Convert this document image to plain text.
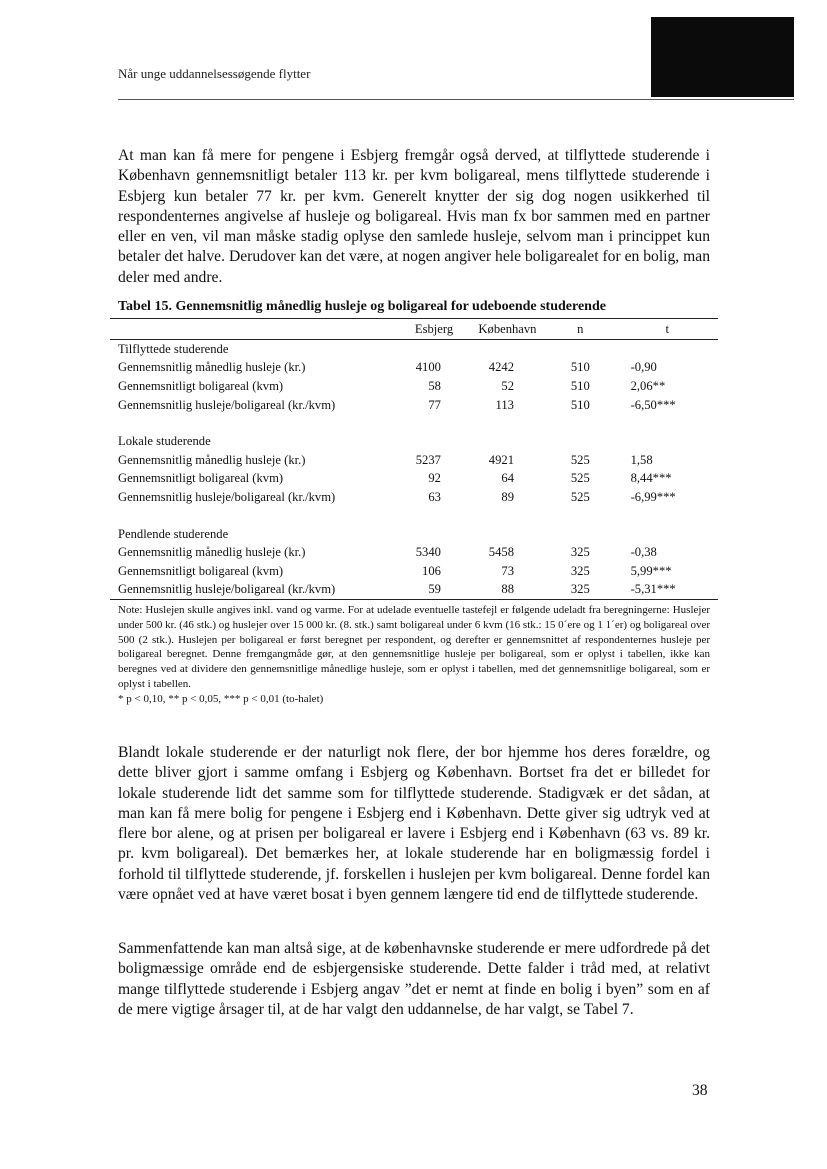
Når unge uddannelsessøgende flytter

At man kan få mere for pengene i Esbjerg fremgår også derved, at tilflyttede studerende i København gennemsnitligt betaler 113 kr. per kvm boligareal, mens tilflyttede studerende i Esbjerg kun betaler 77 kr. per kvm. Generelt knytter der sig dog nogen usikkerhed til respondenternes angivelse af husleje og boligareal. Hvis man fx bor sammen med en partner eller en ven, vil man måske stadig oplyse den samlede husleje, selvom man i princippet kun betaler det halve. Derudover kan det være, at nogen angiver hele boligarealet for en bolig, man deler med andre.

Tabel 15. Gennemsnitlig månedlig husleje og boligareal for udeboende studerende

	Esbjerg	København	n	t
Tilflyttede studerende				
Gennemsnitlig månedlig husleje (kr.)	4100	4242	510	-0,90
Gennemsnitligt boligareal (kvm)	58	52	510	2,06**
Gennemsnitlig husleje/boligareal (kr./kvm)	77	113	510	-6,50***

Lokale studerende				
Gennemsnitlig månedlig husleje (kr.)	5237	4921	525	1,58
Gennemsnitligt boligareal (kvm)	92	64	525	8,44***
Gennemsnitlig husleje/boligareal (kr./kvm)	63	89	525	-6,99***

Pendlende studerende				
Gennemsnitlig månedlig husleje (kr.)	5340	5458	325	-0,38
Gennemsnitligt boligareal (kvm)	106	73	325	5,99***
Gennemsnitlig husleje/boligareal (kr./kvm)	59	88	325	-5,31***

Note: Huslejen skulle angives inkl. vand og varme. For at udelade eventuelle tastefejl er følgende udeladt fra beregningerne: Huslejer under 500 kr. (46 stk.) og huslejer over 15 000 kr. (8. stk.) samt boligareal under 6 kvm (16 stk.: 15 0´ere og 1 1´er) og boligareal over 500 (2 stk.). Huslejen per boligareal er først beregnet per respondent, og derefter er gennemsnittet af respondenternes husleje per boligareal beregnet. Denne fremgangmåde gør, at den gennemsnitlige husleje per boligareal, som er oplyst i tabellen, ikke kan beregnes ved at dividere den gennemsnitlige månedlige husleje, som er oplyst i tabellen, med det gennemsnitlige boligareal, som er oplyst i tabellen.

* p < 0,10, ** p < 0,05, *** p < 0,01 (to-halet)

Blandt lokale studerende er der naturligt nok flere, der bor hjemme hos deres forældre, og dette bliver gjort i samme omfang i Esbjerg og København. Bortset fra det er billedet for lokale studerende lidt det samme som for tilflyttede studerende. Stadigvæk er det sådan, at man kan få mere bolig for pengene i Esbjerg end i København. Dette giver sig udtryk ved at flere bor alene, og at prisen per boligareal er lavere i Esbjerg end i København (63 vs. 89 kr. pr. kvm boligareal). Det bemærkes her, at lokale studerende har en boligmæssig fordel i forhold til tilflyttede studerende, jf. forskellen i huslejen per kvm boligareal. Denne fordel kan være opnået ved at have været bosat i byen gennem længere tid end de tilflyttede studerende.

Sammenfattende kan man altså sige, at de københavnske studerende er mere udfordrede på det boligmæssige område end de esbjergensiske studerende. Dette falder i tråd med, at relativt mange tilflyttede studerende i Esbjerg angav ”det er nemt at finde en bolig i byen” som en af de mere vigtige årsager til, at de har valgt den uddannelse, de har valgt, se Tabel 7.

38
